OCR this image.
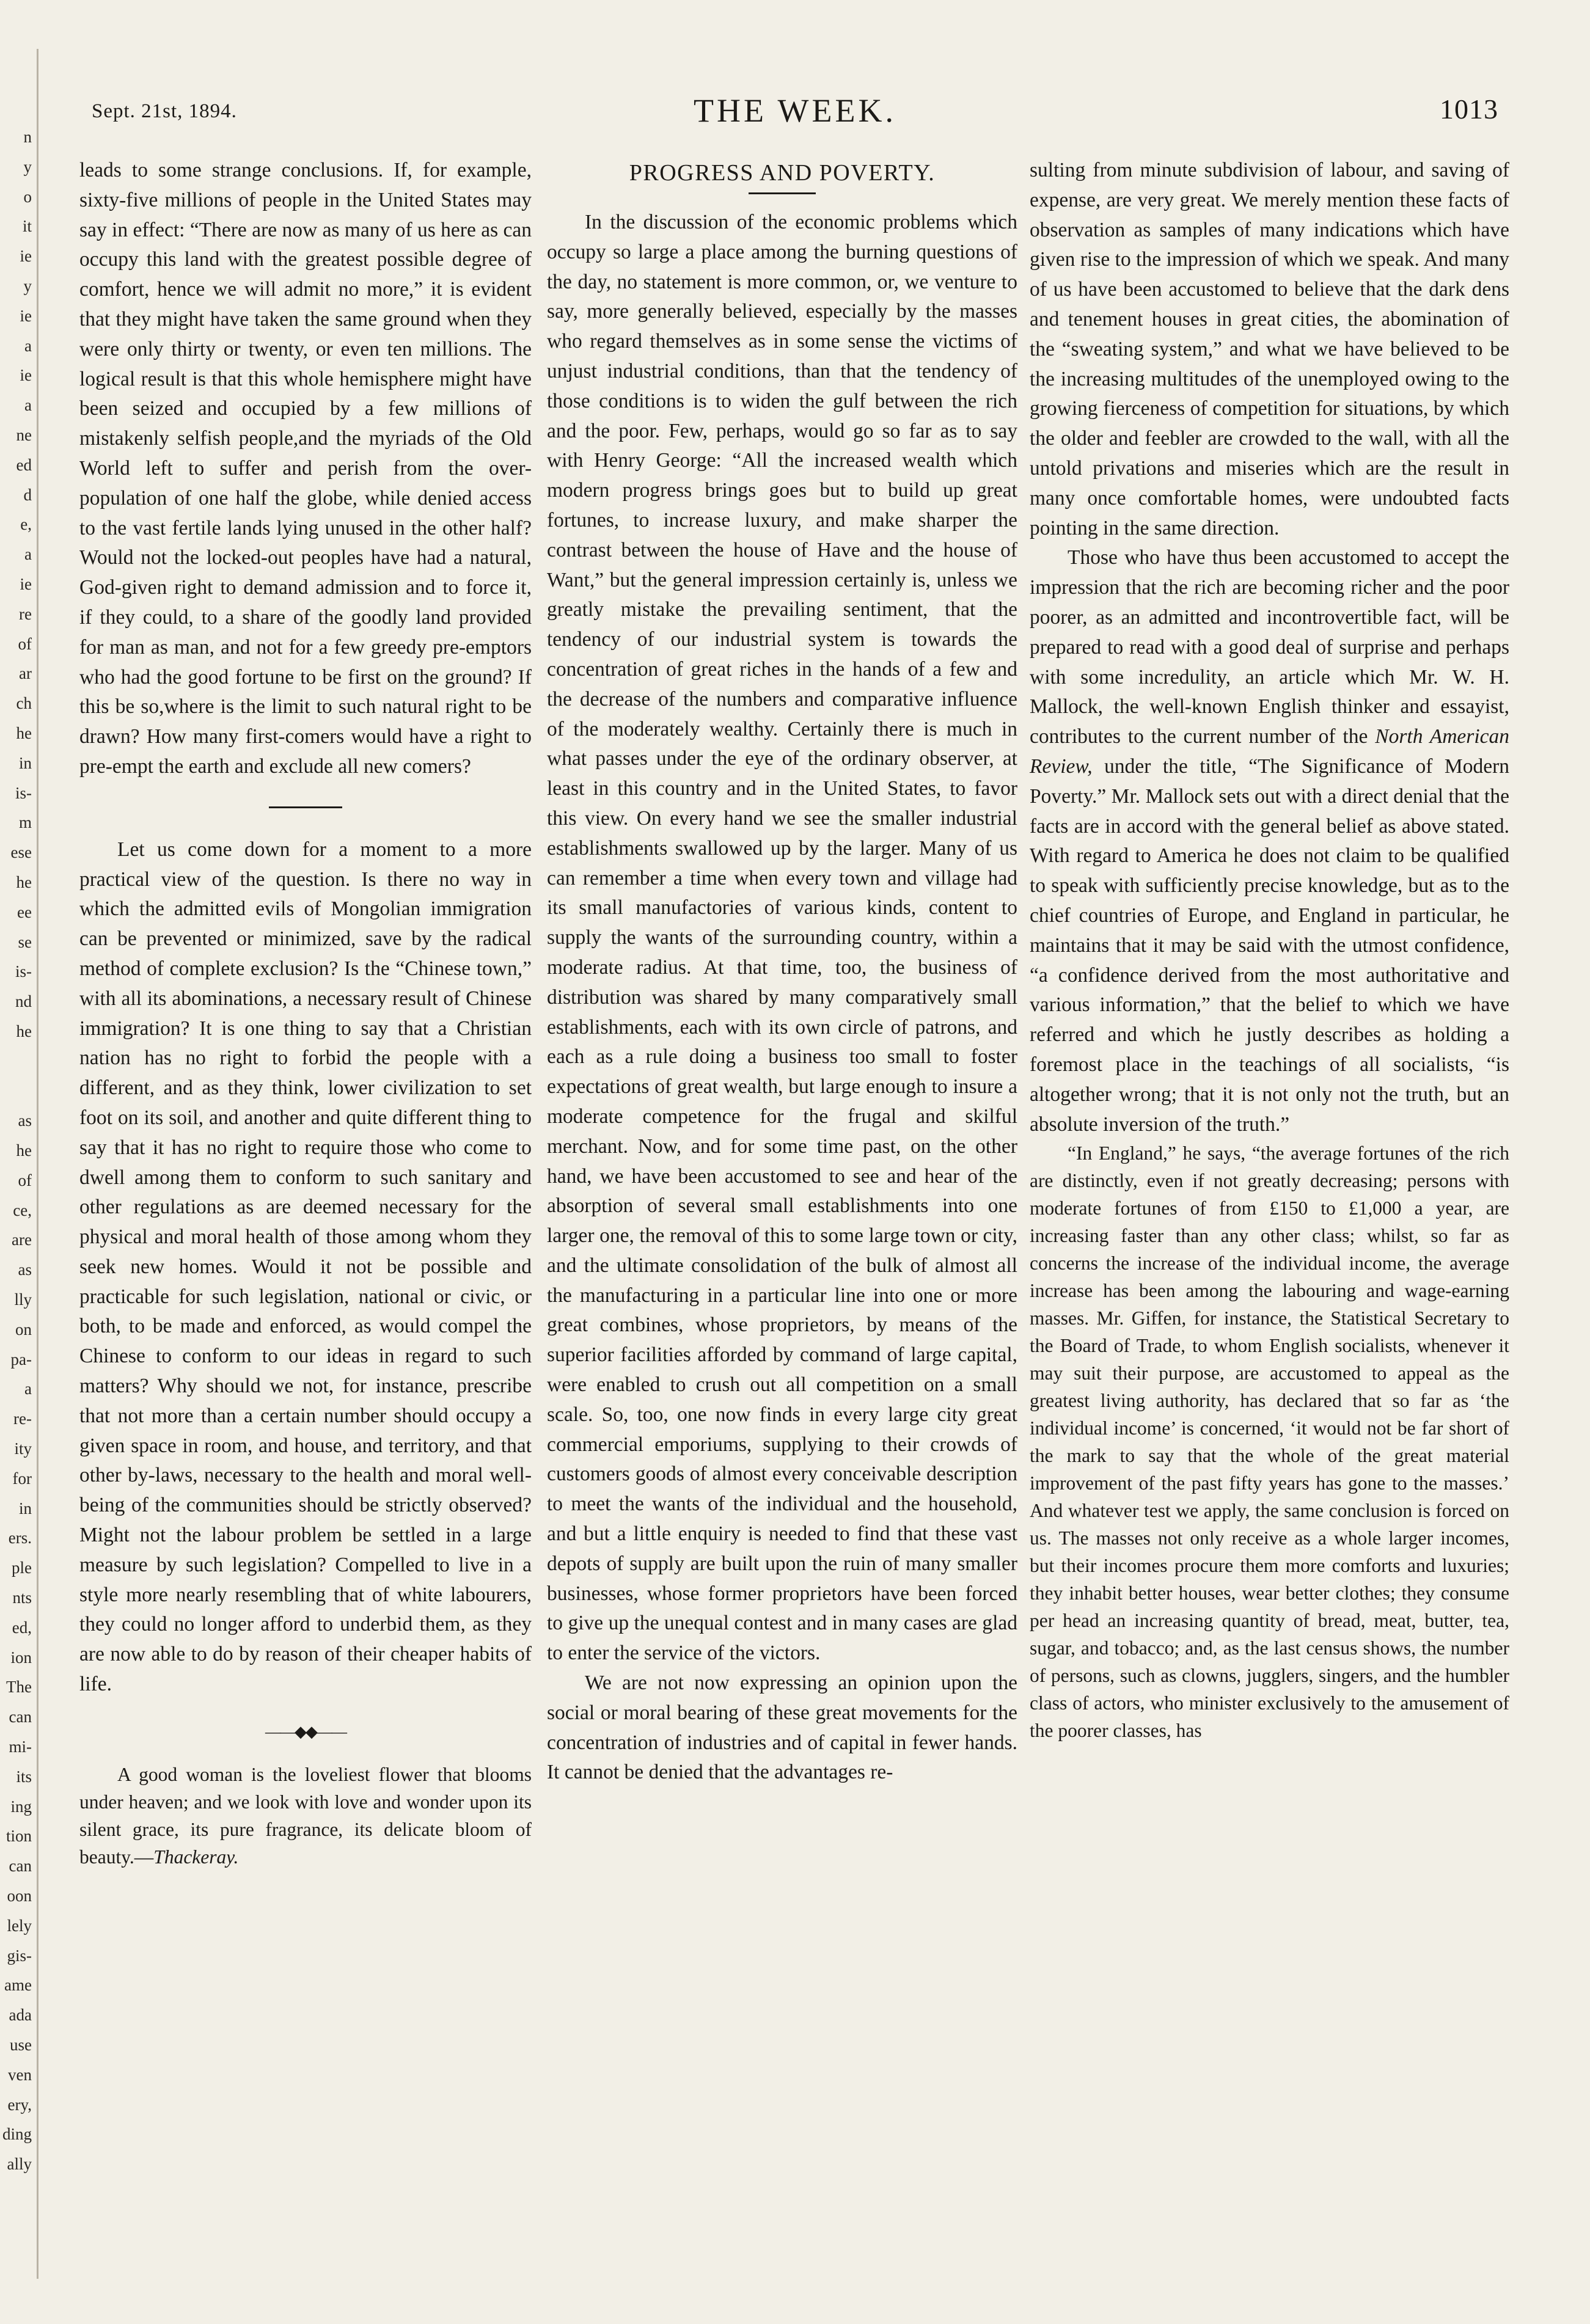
n
y
o
it
ie
y
ie
a
ie
a
ne
ed
d
e,
a
ie
re
of
ar
ch
he
in
is-
m
ese
he
ee
se
is-
nd
he
as
he
of
ce,
are
as
lly
on
pa-
a
re-
ity
for
in
ers.
ple
nts
ed,
ion
The
can
mi-
its
ing
tion
can
oon
lely
gis-
ame
ada
use
ven
ery,
ding
ally
Sept. 21st, 1894.	THE WEEK.	1013

leads to some strange conclusions. If, for example, sixty-five millions of people in the United States may say in effect: “There are now as many of us here as can occupy this land with the greatest possible degree of comfort, hence we will admit no more,” it is evident that they might have taken the same ground when they were only thirty or twenty, or even ten millions. The logical result is that this whole hemisphere might have been seized and occupied by a few millions of mistakenly selfish people,and the myriads of the Old World left to suffer and perish from the over-population of one half the globe, while denied access to the vast fertile lands lying unused in the other half? Would not the locked-out peoples have had a natural, God-given right to demand admission and to force it, if they could, to a share of the goodly land provided for man as man, and not for a few greedy pre-emptors who had the good fortune to be first on the ground? If this be so,where is the limit to such natural right to be drawn? How many first-comers would have a right to pre-empt the earth and exclude all new comers?

Let us come down for a moment to a more practical view of the question. Is there no way in which the admitted evils of Mongolian immigration can be prevented or minimized, save by the radical method of complete exclusion? Is the “Chinese town,” with all its abominations, a necessary result of Chinese immigration? It is one thing to say that a Christian nation has no right to forbid the people with a different, and as they think, lower civilization to set foot on its soil, and another and quite different thing to say that it has no right to require those who come to dwell among them to conform to such sanitary and other regulations as are deemed necessary for the physical and moral health of those among whom they seek new homes. Would it not be possible and practicable for such legislation, national or civic, or both, to be made and enforced, as would compel the Chinese to conform to our ideas in regard to such matters? Why should we not, for instance, prescribe that not more than a certain number should occupy a given space in room, and house, and territory, and that other by-laws, necessary to the health and moral well-being of the communities should be strictly observed? Might not the labour problem be settled in a large measure by such legislation? Compelled to live in a style more nearly resembling that of white labourers, they could no longer afford to underbid them, as they are now able to do by reason of their cheaper habits of life.

——◆◆——

A good woman is the loveliest flower that blooms under heaven; and we look with love and wonder upon its silent grace, its pure fragrance, its delicate bloom of beauty.—Thackeray.

PROGRESS AND POVERTY.

In the discussion of the economic problems which occupy so large a place among the burning questions of the day, no statement is more common, or, we venture to say, more generally believed, especially by the masses who regard themselves as in some sense the victims of unjust industrial conditions, than that the tendency of those conditions is to widen the gulf between the rich and the poor. Few, perhaps, would go so far as to say with Henry George: “All the increased wealth which modern progress brings goes but to build up great fortunes, to increase luxury, and make sharper the contrast between the house of Have and the house of Want,” but the general impression certainly is, unless we greatly mistake the prevailing sentiment, that the tendency of our industrial system is towards the concentration of great riches in the hands of a few and the decrease of the numbers and comparative influence of the moderately wealthy. Certainly there is much in what passes under the eye of the ordinary observer, at least in this country and in the United States, to favor this view. On every hand we see the smaller industrial establishments swallowed up by the larger. Many of us can remember a time when every town and village had its small manufactories of various kinds, content to supply the wants of the surrounding country, within a moderate radius. At that time, too, the business of distribution was shared by many comparatively small establishments, each with its own circle of patrons, and each as a rule doing a business too small to foster expectations of great wealth, but large enough to insure a moderate competence for the frugal and skilful merchant. Now, and for some time past, on the other hand, we have been accustomed to see and hear of the absorption of several small establishments into one larger one, the removal of this to some large town or city, and the ultimate consolidation of the bulk of almost all the manufacturing in a particular line into one or more great combines, whose proprietors, by means of the superior facilities afforded by command of large capital, were enabled to crush out all competition on a small scale. So, too, one now finds in every large city great commercial emporiums, supplying to their crowds of customers goods of almost every conceivable description to meet the wants of the individual and the household, and but a little enquiry is needed to find that these vast depots of supply are built upon the ruin of many smaller businesses, whose former proprietors have been forced to give up the unequal contest and in many cases are glad to enter the service of the victors.

We are not now expressing an opinion upon the social or moral bearing of these great movements for the concentration of industries and of capital in fewer hands. It cannot be denied that the advantages re-

sulting from minute subdivision of labour, and saving of expense, are very great. We merely mention these facts of observation as samples of many indications which have given rise to the impression of which we speak. And many of us have been accustomed to believe that the dark dens and tenement houses in great cities, the abomination of the “sweating system,” and what we have believed to be the increasing multitudes of the unemployed owing to the growing fierceness of competition for situations, by which the older and feebler are crowded to the wall, with all the untold privations and miseries which are the result in many once comfortable homes, were undoubted facts pointing in the same direction.

Those who have thus been accustomed to accept the impression that the rich are becoming richer and the poor poorer, as an admitted and incontrovertible fact, will be prepared to read with a good deal of surprise and perhaps with some incredulity, an article which Mr. W. H. Mallock, the well-known English thinker and essayist, contributes to the current number of the North American Review, under the title, “The Significance of Modern Poverty.” Mr. Mallock sets out with a direct denial that the facts are in accord with the general belief as above stated. With regard to America he does not claim to be qualified to speak with sufficiently precise knowledge, but as to the chief countries of Europe, and England in particular, he maintains that it may be said with the utmost confidence, “a confidence derived from the most authoritative and various information,” that the belief to which we have referred and which he justly describes as holding a foremost place in the teachings of all socialists, “is altogether wrong; that it is not only not the truth, but an absolute inversion of the truth.”

“In England,” he says, “the average fortunes of the rich are distinctly, even if not greatly decreasing; persons with moderate fortunes of from £150 to £1,000 a year, are increasing faster than any other class; whilst, so far as concerns the increase of the individual income, the average increase has been among the labouring and wage-earning masses. Mr. Giffen, for instance, the Statistical Secretary to the Board of Trade, to whom English socialists, whenever it may suit their purpose, are accustomed to appeal as the greatest living authority, has declared that so far as ‘the individual income’ is concerned, ‘it would not be far short of the mark to say that the whole of the great material improvement of the past fifty years has gone to the masses.’ And whatever test we apply, the same conclusion is forced on us. The masses not only receive as a whole larger incomes, but their incomes procure them more comforts and luxuries; they inhabit better houses, wear better clothes; they consume per head an increasing quantity of bread, meat, butter, tea, sugar, and tobacco; and, as the last census shows, the number of persons, such as clowns, jugglers, singers, and the humbler class of actors, who minister exclusively to the amusement of the poorer classes, has
